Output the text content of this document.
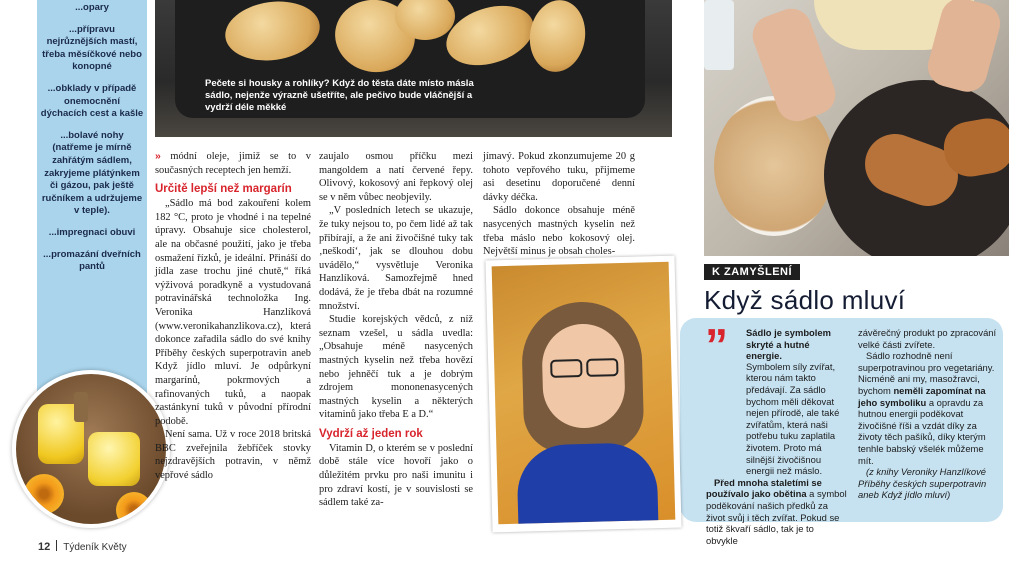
...opary
...přípravu nejrůznějších mastí, třeba měsíčkové nebo konopné
...obklady v případě onemocnění dýchacích cest a kašle
...bolavé nohy (natřeme je mírně zahřátým sádlem, zakryjeme plátýnkem či gázou, pak ještě ručníkem a udržujeme v teple).
...impregnaci obuvi
...promazání dveřních pantů
Pečete si housky a rohlíky? Když do těsta dáte místo másla sádlo, nejenže výrazně ušetříte, ale pečivo bude vláčnější a vydrží déle měkké

» módní oleje, jimiž se to v současných receptech jen hemží.

Určitě lepší než margarín

„Sádlo má bod zakouření kolem 182 °C, proto je vhodné i na tepelné úpravy. Obsahuje sice cholesterol, ale na občasné použití, jako je třeba osmažení řízků, je ideální. Přináší do jídla zase trochu jiné chutě,“ říká výživová poradkyně a vystudovaná potravinářská technoložka Ing. Veronika Hanzlíková (www.veronikahanzlikova.cz), která dokonce zařadila sádlo do své knihy Příběhy českých superpotravin aneb Když jídlo mluví. Je odpůrkyní margarínů, pokrmových a rafinovaných tuků, a naopak zastánkyní tuků v původní přírodní podobě.

Není sama. Už v roce 2018 britská BBC zveřejnila žebříček stovky nejzdravějších potravin, v němž vepřové sádlo

zaujalo osmou příčku mezi mangoldem a natí červené řepy. Olivový, kokosový ani řepkový olej se v něm vůbec neobjevily.

„V posledních letech se ukazuje, že tuky nejsou to, po čem lidé až tak přibírají, a že ani živočišné tuky tak ‚neškodí‘, jak se dlouhou dobu uvádělo,“ vysvětluje Veronika Hanzlíková. Samozřejmě hned dodává, že je třeba dbát na rozumné množství.

Studie korejských vědců, z níž seznam vzešel, u sádla uvedla: „Obsahuje méně nasycených mastných kyselin než třeba hovězí nebo jehněčí tuk a je dobrým zdrojem mononenasycených mastných kyselin a některých vitaminů jako třeba E a D.“

Vydrží až jeden rok

Vitamin D, o kterém se v poslední době stále více hovoří jako o důležitém prvku pro naši imunitu i pro zdraví kostí, je v souvislosti se sádlem také za-

jímavý. Pokud zkonzumujeme 20 g tohoto vepřového tuku, přijmeme asi desetinu doporučené denní dávky déčka.

Sádlo dokonce obsahuje méně nasycených mastných kyselin než třeba máslo nebo kokosový olej. Největší minus je obsah choles-

K ZAMYŠLENÍ
Když sádlo mluví
”	Sádlo je symbolem skryté a hutné energie.

Symbolem síly zvířat, kterou nám takto předávají. Za sádlo bychom měli děkovat nejen přírodě, ale také zvířatům, která naši potřebu tuku zaplatila životem. Proto má silnější živočišnou energii než máslo.

Před mnoha staletími se používalo jako obětina a symbol poděkování našich předků za život svůj i těch zvířat. Pokud se totiž škvaří sádlo, tak je to obvykle

závěrečný produkt po zpracování velké části zvířete.

Sádlo rozhodně není superpotravinou pro vegetariány. Nicméně ani my, masožravci, bychom neměli zapomínat na jeho symboliku a opravdu za hutnou energii poděkovat živočišné říši a vzdát díky za životy těch pašíků, díky kterým tenhle babský všelék můžeme mít.

(z knihy Veroniky Hanzlíkové Příběhy českých superpotravin aneb Když jídlo mluví)

12 Týdeník Květy
